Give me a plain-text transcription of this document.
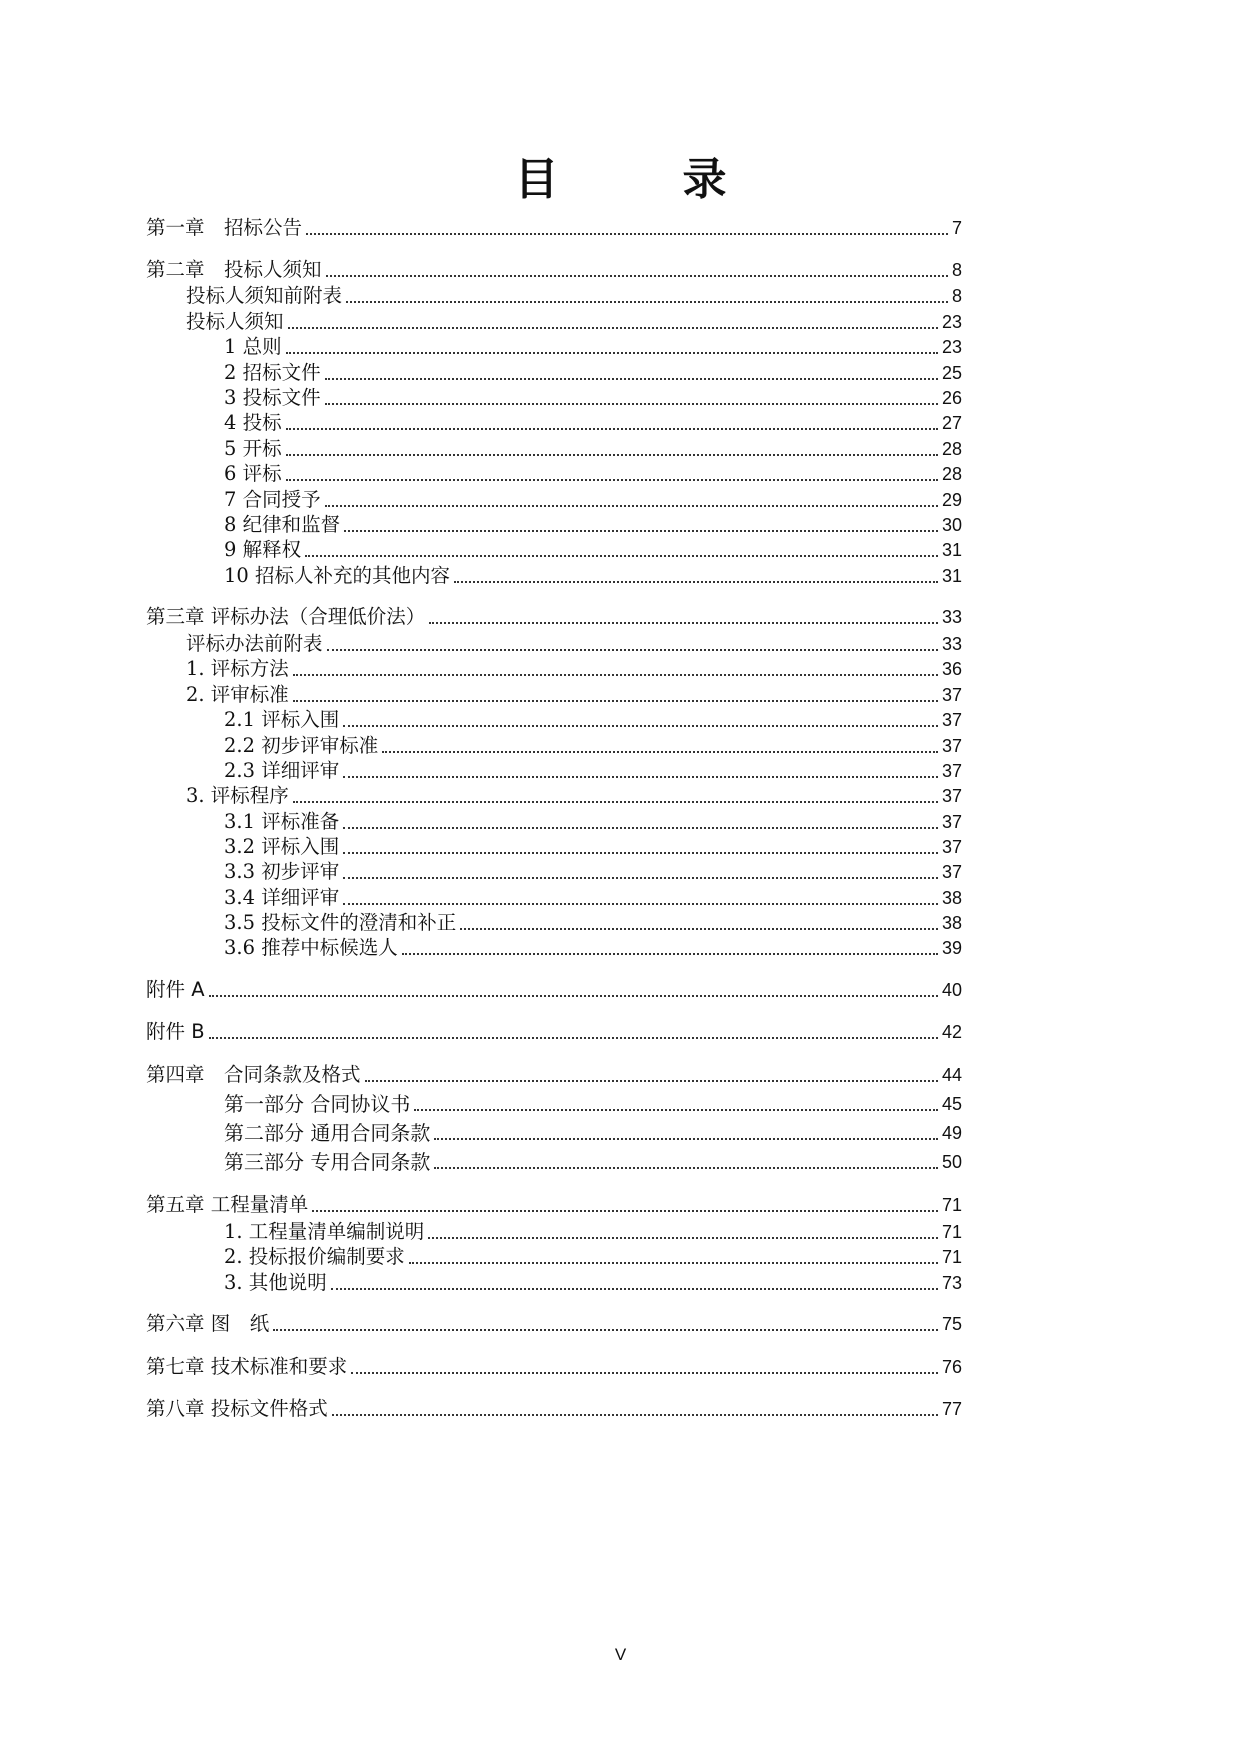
目　录
第一章　招标公告	7
第二章　投标人须知	8
投标人须知前附表	8
投标人须知	23
1 总则	23
2 招标文件	25
3 投标文件	26
4 投标	27
5 开标	28
6 评标	28
7 合同授予	29
8 纪律和监督	30
9 解释权	31
10 招标人补充的其他内容	31
第三章 评标办法（合理低价法）	33
评标办法前附表	33
1. 评标方法	36
2. 评审标准	37
2.1 评标入围	37
2.2 初步评审标准	37
2.3 详细评审	37
3. 评标程序	37
3.1 评标准备	37
3.2 评标入围	37
3.3 初步评审	37
3.4 详细评审	38
3.5 投标文件的澄清和补正	38
3.6 推荐中标候选人	39
附件 A	40
附件 B	42
第四章　合同条款及格式	44
第一部分 合同协议书	45
第二部分 通用合同条款	49
第三部分 专用合同条款	50
第五章 工程量清单	71
1. 工程量清单编制说明	71
2. 投标报价编制要求	71
3. 其他说明	73
第六章 图　纸	75
第七章 技术标准和要求	76
第八章 投标文件格式	77
V
